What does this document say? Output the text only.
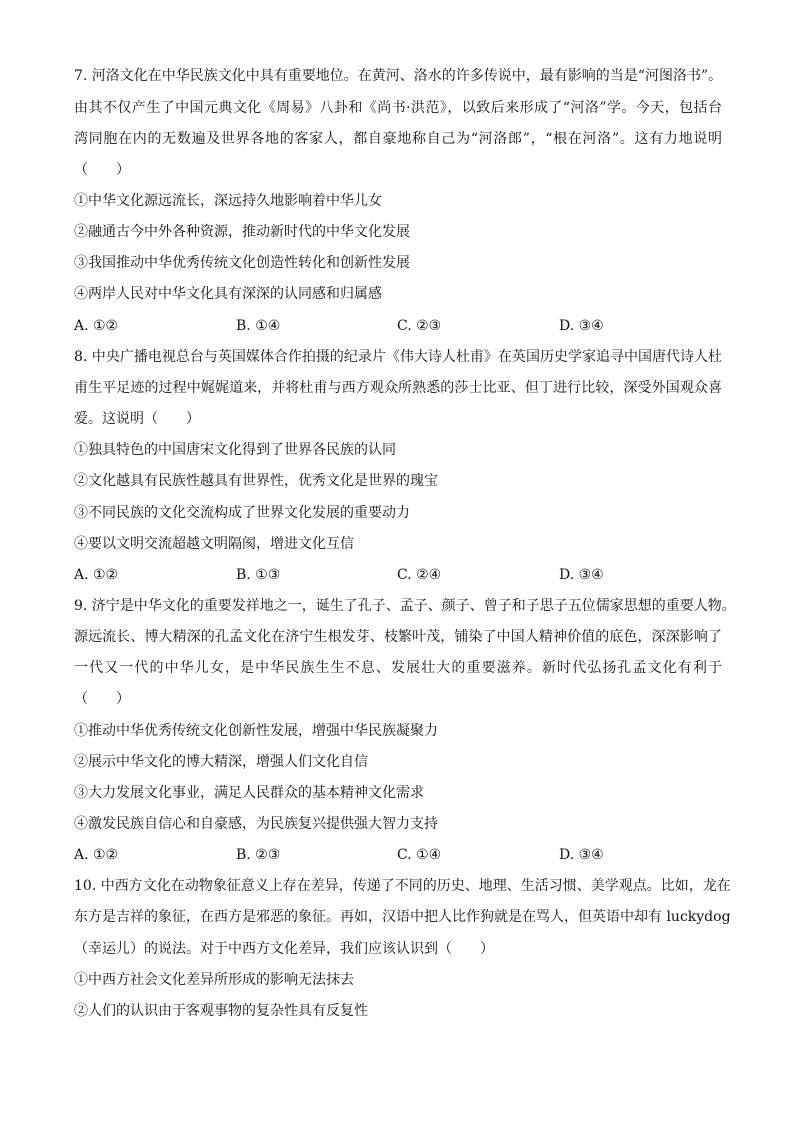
7. 河洛文化在中华民族文化中具有重要地位。在黄河、洛水的许多传说中，最有影响的当是“河图洛书”。
由其不仅产生了中国元典文化《周易》八卦和《尚书·洪范》，以致后来形成了“河洛”学。今天，包括台
湾同胞在内的无数遍及世界各地的客家人，都自豪地称自己为“河洛郎”，“根在河洛”。这有力地说明
（　　）
①中华文化源远流长，深远持久地影响着中华儿女
②融通古今中外各种资源，推动新时代的中华文化发展
③我国推动中华优秀传统文化创造性转化和创新性发展
④两岸人民对中华文化具有深深的认同感和归属感
A. ①②	B. ①④	C. ②③	D. ③④
8. 中央广播电视总台与英国媒体合作拍摄的纪录片《伟大诗人杜甫》在英国历史学家追寻中国唐代诗人杜
甫生平足迹的过程中娓娓道来，并将杜甫与西方观众所熟悉的莎士比亚、但丁进行比较，深受外国观众喜
爱。这说明（　　）
①独具特色的中国唐宋文化得到了世界各民族的认同
②文化越具有民族性越具有世界性，优秀文化是世界的瑰宝
③不同民族的文化交流构成了世界文化发展的重要动力
④要以文明交流超越文明隔阂，增进文化互信
A. ①②	B. ①③	C. ②④	D. ③④
9. 济宁是中华文化的重要发祥地之一，诞生了孔子、孟子、颜子、曾子和子思子五位儒家思想的重要人物。
源远流长、博大精深的孔孟文化在济宁生根发芽、枝繁叶茂，铺染了中国人精神价值的底色，深深影响了
一代又一代的中华儿女，是中华民族生生不息、发展壮大的重要滋养。新时代弘扬孔孟文化有利于
（　　）
①推动中华优秀传统文化创新性发展，增强中华民族凝聚力
②展示中华文化的博大精深，增强人们文化自信
③大力发展文化事业，满足人民群众的基本精神文化需求
④激发民族自信心和自豪感，为民族复兴提供强大智力支持
A. ①②	B. ②③	C. ①④	D. ③④
10. 中西方文化在动物象征意义上存在差异，传递了不同的历史、地理、生活习惯、美学观点。比如，龙在
东方是吉祥的象征，在西方是邪恶的象征。再如，汉语中把人比作狗就是在骂人，但英语中却有 luckydog
（幸运儿）的说法。对于中西方文化差异，我们应该认识到（　　）
①中西方社会文化差异所形成的影响无法抹去
②人们的认识由于客观事物的复杂性具有反复性
